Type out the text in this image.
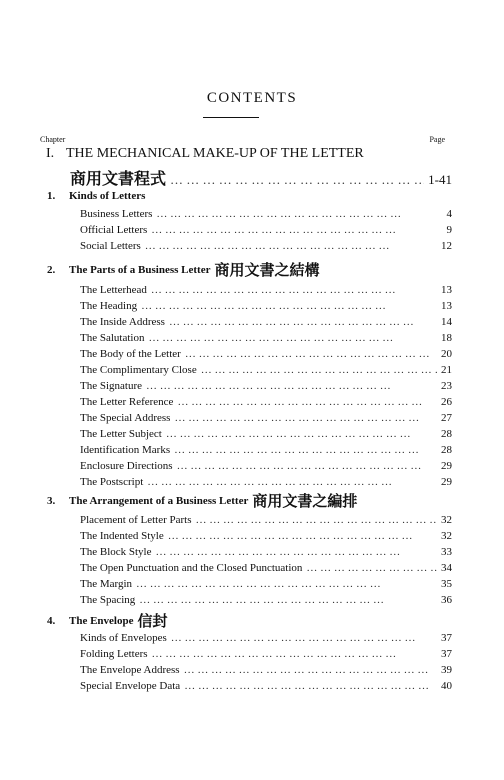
CONTENTS
Chapter	Page
I. THE MECHANICAL MAKE-UP OF THE LETTER
商用文書程式 … … … … … … … … … … … … … … … … … …	1-41
1.	Kinds of Letters
Business Letters … … … … … … … … … … … … … … … … … …	4
Official Letters … … … … … … … … … … … … … … … … … …	9
Social Letters … … … … … … … … … … … … … … … … … …	12
2.	The Parts of a Business Letter 商用文書之結構
The Letterhead … … … … … … … … … … … … … … … … … …	13
The Heading … … … … … … … … … … … … … … … … … …	13
The Inside Address … … … … … … … … … … … … … … … … … …	14
The Salutation … … … … … … … … … … … … … … … … … …	18
The Body of the Letter … … … … … … … … … … … … … … … … … …	20
The Complimentary Close … … … … … … … … … … … … … … … … … …	21
The Signature … … … … … … … … … … … … … … … … … …	23
The Letter Reference … … … … … … … … … … … … … … … … … …	26
The Special Address … … … … … … … … … … … … … … … … … …	27
The Letter Subject … … … … … … … … … … … … … … … … … …	28
Identification Marks … … … … … … … … … … … … … … … … … …	28
Enclosure Directions … … … … … … … … … … … … … … … … … …	29
The Postscript … … … … … … … … … … … … … … … … … …	29
3.	The Arrangement of a Business Letter 商用文書之編排
Placement of Letter Parts … … … … … … … … … … … … … … … … … …	32
The Indented Style … … … … … … … … … … … … … … … … … …	32
The Block Style … … … … … … … … … … … … … … … … … …	33
The Open Punctuation and the Closed Punctuation … … … … … … … … … … … … … … … … … …	34
The Margin … … … … … … … … … … … … … … … … … …	35
The Spacing … … … … … … … … … … … … … … … … … …	36
4.	The Envelope 信封
Kinds of Envelopes … … … … … … … … … … … … … … … … … …	37
Folding Letters … … … … … … … … … … … … … … … … … …	37
The Envelope Address … … … … … … … … … … … … … … … … … …	39
Special Envelope Data … … … … … … … … … … … … … … … … … …	40
